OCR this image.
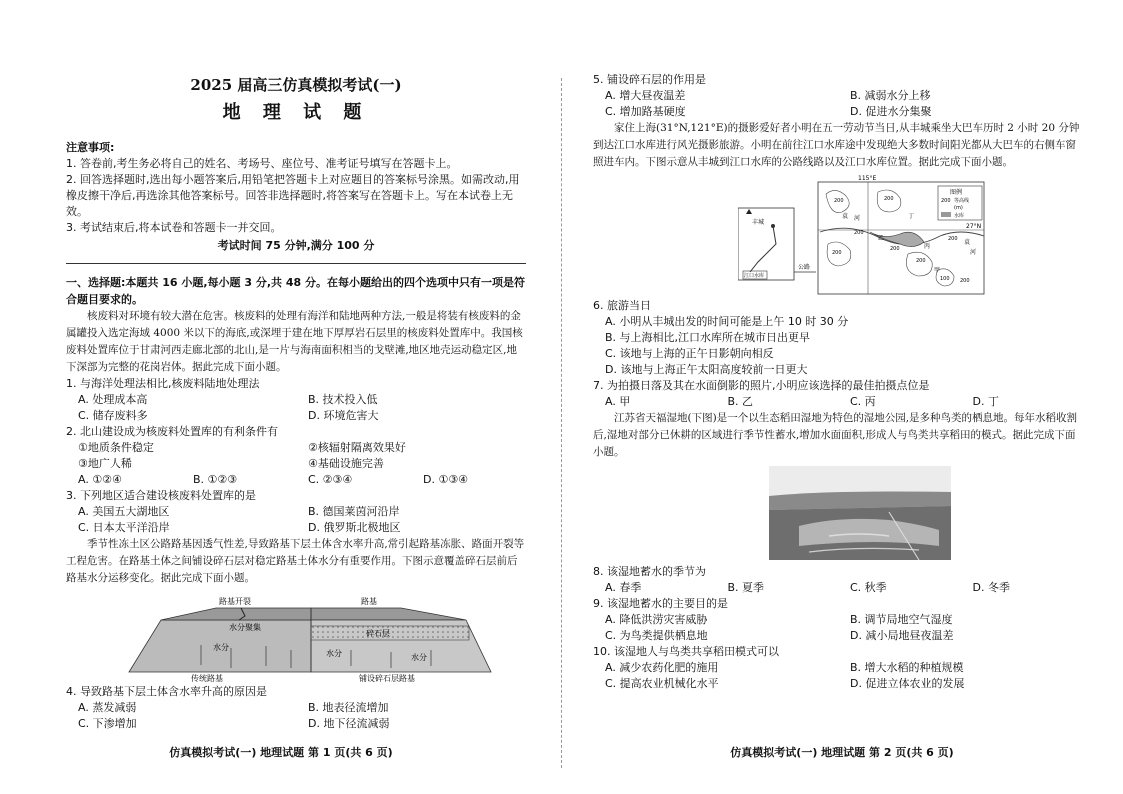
2025 届高三仿真模拟考试(一)
地 理 试 题
注意事项:
1. 答卷前,考生务必将自己的姓名、考场号、座位号、准考证号填写在答题卡上。
2. 回答选择题时,选出每小题答案后,用铅笔把答题卡上对应题目的答案标号涂黑。如需改动,用橡皮擦干净后,再选涂其他答案标号。回答非选择题时,将答案写在答题卡上。写在本试卷上无效。
3. 考试结束后,将本试卷和答题卡一并交回。
考试时间 75 分钟,满分 100 分
一、选择题:本题共 16 小题,每小题 3 分,共 48 分。在每小题给出的四个选项中只有一项是符合题目要求的。
核废料对环境有较大潜在危害。核废料的处理有海洋和陆地两种方法,一般是将装有核废料的金属罐投入选定海域 4000 米以下的海底,或深埋于建在地下厚厚岩石层里的核废料处置库中。我国核废料处置库位于甘肃河西走廊北部的北山,是一片与海南面积相当的戈壁滩,地区地壳运动稳定区,地下深部为完整的花岗岩体。据此完成下面小题。
1. 与海洋处理法相比,核废料陆地处理法
A. 处理成本高	B. 技术投入低
C. 储存废料多	D. 环境危害大
2. 北山建设成为核废料处置库的有利条件有
①地质条件稳定	②核辐射隔离效果好
③地广人稀	④基础设施完善
A. ①②④	B. ①②③	C. ②③④	D. ①③④
3. 下列地区适合建设核废料处置库的是
A. 美国五大湖地区	B. 德国莱茵河沿岸
C. 日本太平洋沿岸	D. 俄罗斯北极地区
季节性冻土区公路路基因透气性差,导致路基下层土体含水率升高,常引起路基冻胀、路面开裂等工程危害。在路基土体之间铺设碎石层对稳定路基土体水分有重要作用。下图示意覆盖碎石层前后路基水分运移变化。据此完成下面小题。
路基开裂	路基
水分聚集
碎石层
水分
水分	水分
传统路基	铺设碎石层路基
4. 导致路基下层土体含水率升高的原因是
A. 蒸发减弱	B. 地表径流增加
C. 下渗增加	D. 地下径流减弱
仿真模拟考试(一) 地理试题 第 1 页(共 6 页)
5. 铺设碎石层的作用是
A. 增大昼夜温差	B. 减弱水分上移
C. 增加路基硬度	D. 促进水分集聚
家住上海(31°N,121°E)的摄影爱好者小明在五一劳动节当日,从丰城乘坐大巴车历时 2 小时 20 分钟到达江口水库进行风光摄影旅游。小明在前往江口水库途中发现绝大多数时间阳光都从大巴车的右侧车窗照进车内。下图示意从丰城到江口水库的公路线路以及江口水库位置。据此完成下面小题。
丰城
江口水库
公路
115°E
27°N
图例
200 等高线
(m)
水库
200	200
200
200
200
200
200
100
200
甲
乙
丙
丁
袁 河
袁
河
6. 旅游当日
A. 小明从丰城出发的时间可能是上午 10 时 30 分
B. 与上海相比,江口水库所在城市日出更早
C. 该地与上海的正午日影朝向相反
D. 该地与上海正午太阳高度较前一日更大
7. 为拍摄日落及其在水面倒影的照片,小明应该选择的最佳拍摄点位是
A. 甲	B. 乙	C. 丙	D. 丁
江苏省天福湿地(下图)是一个以生态稻田湿地为特色的湿地公园,是多种鸟类的栖息地。每年水稻收割后,湿地对部分已休耕的区域进行季节性蓄水,增加水面面积,形成人与鸟类共享稻田的模式。据此完成下面小题。
8. 该湿地蓄水的季节为
A. 春季	B. 夏季	C. 秋季	D. 冬季
9. 该湿地蓄水的主要目的是
A. 降低洪涝灾害威胁	B. 调节局地空气湿度
C. 为鸟类提供栖息地	D. 减小局地昼夜温差
10. 该湿地人与鸟类共享稻田模式可以
A. 减少农药化肥的施用	B. 增大水稻的种植规模
C. 提高农业机械化水平	D. 促进立体农业的发展
仿真模拟考试(一) 地理试题 第 2 页(共 6 页)
